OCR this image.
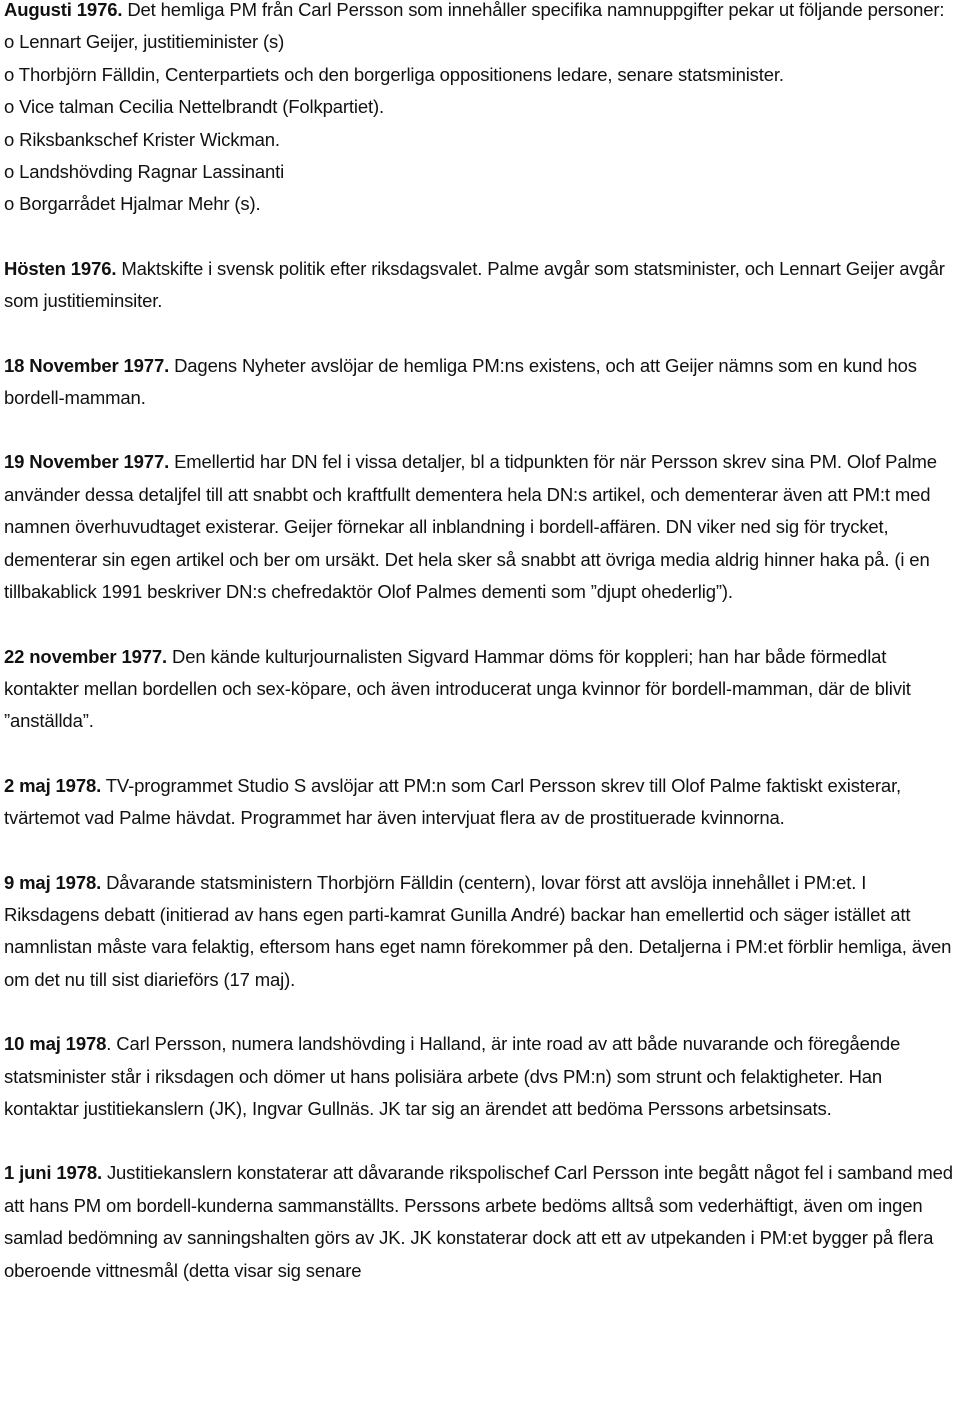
Augusti 1976. Det hemliga PM från Carl Persson som innehåller specifika namnuppgifter pekar ut följande personer:

o Lennart Geijer, justitieminister (s)
o Thorbjörn Fälldin, Centerpartiets och den borgerliga oppositionens ledare, senare statsminister.
o Vice talman Cecilia Nettelbrandt (Folkpartiet).
o Riksbankschef Krister Wickman.
o Landshövding Ragnar Lassinanti
o Borgarrådet Hjalmar Mehr (s).

Hösten 1976. Maktskifte i svensk politik efter riksdagsvalet. Palme avgår som statsminister, och Lennart Geijer avgår som justitieminsiter.

18 November 1977. Dagens Nyheter avslöjar de hemliga PM:ns existens, och att Geijer nämns som en kund hos bordell-mamman.

19 November 1977. Emellertid har DN fel i vissa detaljer, bl a tidpunkten för när Persson skrev sina PM. Olof Palme använder dessa detaljfel till att snabbt och kraftfullt dementera hela DN:s artikel, och dementerar även att PM:t med namnen överhuvudtaget existerar. Geijer förnekar all inblandning i bordell-affären. DN viker ned sig för trycket, dementerar sin egen artikel och ber om ursäkt. Det hela sker så snabbt att övriga media aldrig hinner haka på. (i en tillbakablick 1991 beskriver DN:s chefredaktör Olof Palmes dementi som ”djupt ohederlig”).

22 november 1977. Den kände kulturjournalisten Sigvard Hammar döms för koppleri; han har både förmedlat kontakter mellan bordellen och sex-köpare, och även introducerat unga kvinnor för bordell-mamman, där de blivit ”anställda”.

2 maj 1978. TV-programmet Studio S avslöjar att PM:n som Carl Persson skrev till Olof Palme faktiskt existerar, tvärtemot vad Palme hävdat. Programmet har även intervjuat flera av de prostituerade kvinnorna.

9 maj 1978. Dåvarande statsministern Thorbjörn Fälldin (centern), lovar först att avslöja innehållet i PM:et. I Riksdagens debatt (initierad av hans egen parti-kamrat Gunilla André) backar han emellertid och säger istället att namnlistan måste vara felaktig, eftersom hans eget namn förekommer på den. Detaljerna i PM:et förblir hemliga, även om det nu till sist diarieförs (17 maj).

10 maj 1978. Carl Persson, numera landshövding i Halland, är inte road av att både nuvarande och föregående statsminister står i riksdagen och dömer ut hans polisiära arbete (dvs PM:n) som strunt och felaktigheter. Han kontaktar justitiekanslern (JK), Ingvar Gullnäs. JK tar sig an ärendet att bedöma Perssons arbetsinsats.

1 juni 1978. Justitiekanslern konstaterar att dåvarande rikspolischef Carl Persson inte begått något fel i samband med att hans PM om bordell-kunderna sammanställts. Perssons arbete bedöms alltså som vederhäftigt, även om ingen samlad bedömning av sanningshalten görs av JK. JK konstaterar dock att ett av utpekanden i PM:et bygger på flera oberoende vittnesmål (detta visar sig senare
